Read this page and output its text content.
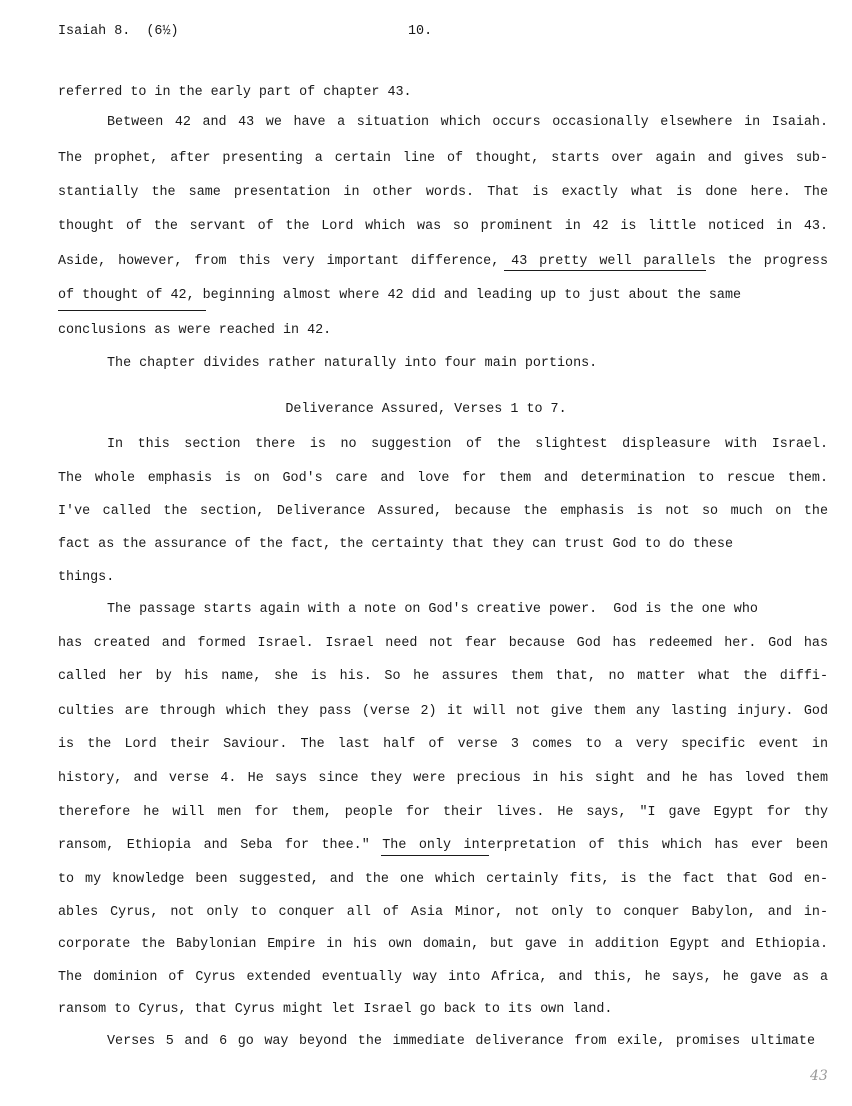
Isaiah 8.  (6½)	10.
referred to in the early part of chapter 43.
Between 42 and 43 we have a situation which occurs occasionally elsewhere in Isaiah.
The prophet, after presenting a certain line of thought, starts over again and gives sub-
stantially the same presentation in other words. That is exactly what is done here. The
thought of the servant of the Lord which was so prominent in 42 is little noticed in 43.
Aside, however, from this very important difference, 43 pretty well parallels the progress
of thought of 42, beginning almost where 42 did and leading up to just about the same
conclusions as were reached in 42.
The chapter divides rather naturally into four main portions.
Deliverance Assured, Verses 1 to 7.
In this section there is no suggestion of the slightest displeasure with Israel.
The whole emphasis is on God's care and love for them and determination to rescue them.
I've called the section, Deliverance Assured, because the emphasis is not so much on the
fact as the assurance of the fact, the certainty that they can trust God to do these
things.
The passage starts again with a note on God's creative power.  God is the one who
has created and formed Israel. Israel need not fear because God has redeemed her. God has
called her by his name, she is his. So he assures them that, no matter what the diffi-
culties are through which they pass (verse 2) it will not give them any lasting injury. God
is the Lord their Saviour. The last half of verse 3 comes to a very specific event in
history, and verse 4. He says since they were precious in his sight and he has loved them
therefore he will men for them, people for their lives. He says, "I gave Egypt for thy
ransom, Ethiopia and Seba for thee." The only interpretation of this which has ever been
to my knowledge been suggested, and the one which certainly fits, is the fact that God en-
ables Cyrus, not only to conquer all of Asia Minor, not only to conquer Babylon, and in-
corporate the Babylonian Empire in his own domain, but gave in addition Egypt and Ethiopia.
The dominion of Cyrus extended eventually way into Africa, and this, he says, he gave as a
ransom to Cyrus, that Cyrus might let Israel go back to its own land.
Verses 5 and 6 go way beyond the immediate deliverance from exile, promises ultimate
43
